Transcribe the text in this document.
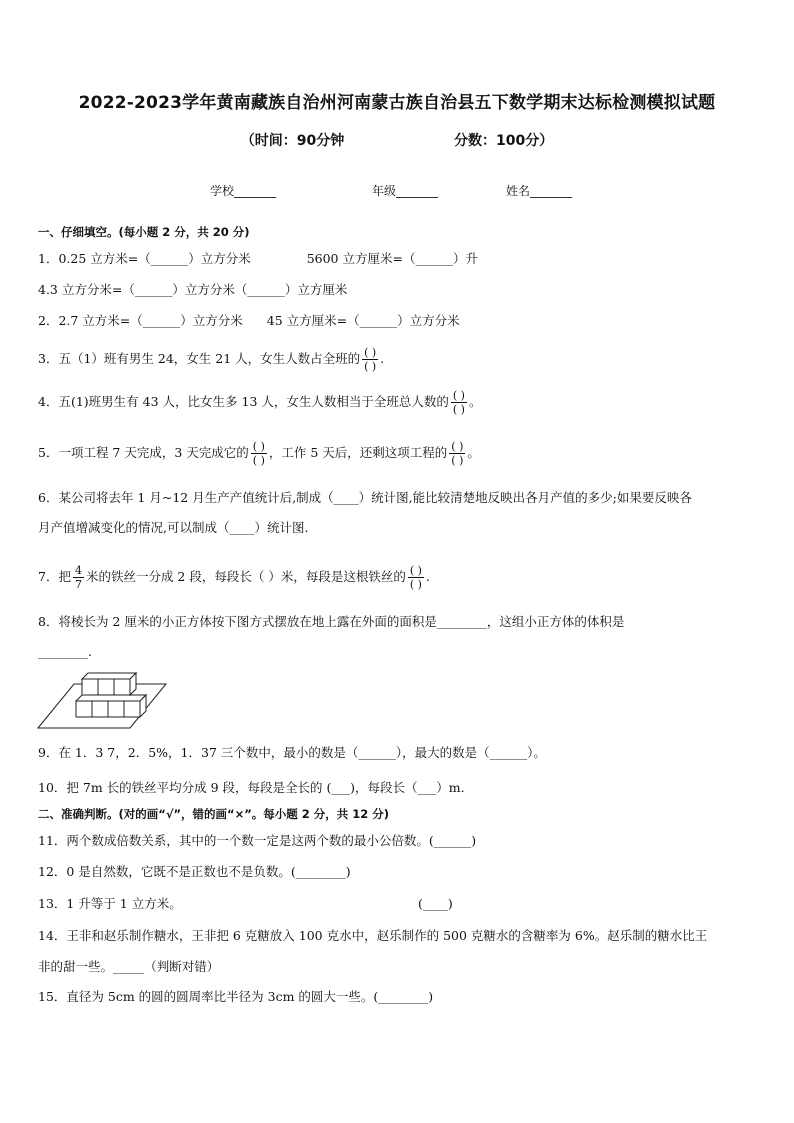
2022-2023学年黄南藏族自治州河南蒙古族自治县五下数学期末达标检测模拟试题
（时间：90分钟	分数：100分）
学校_______	年级_______	姓名_______
一、仔细填空。(每小题 2 分，共 20 分)
1．0.25 立方米=（______）立方分米	5600 立方厘米=（______）升
4.3 立方分米=（______）立方分米（______）立方厘米
2．2.7 立方米=（______）立方分米 45 立方厘米=（______）立方分米
3．五（1）班有男生 24，女生 21 人，女生人数占全班的 $\frac{( )}{( )}$ .
4．五(1)班男生有 43 人，比女生多 13 人，女生人数相当于全班总人数的 $\frac{( )}{( )}$ 。
5．一项工程 7 天完成，3 天完成它的 $\frac{( )}{( )}$ ，工作 5 天后，还剩这项工程的 $\frac{( )}{( )}$ 。
6．某公司将去年 1 月~12 月生产产值统计后,制成（____）统计图,能比较清楚地反映出各月产值的多少;如果要反映各
月产值增减变化的情况,可以制成（____）统计图.
7．把 $\frac{4}{7}$ 米的铁丝一分成 2 段，每段长（ ）米，每段是这根铁丝的 $\frac{( )}{( )}$ .
8．将棱长为 2 厘米的小正方体按下图方式摆放在地上露在外面的面积是________，这组小正方体的体积是
________.
9．在 1．3 7̄，2．5%，1．37 三个数中，最小的数是（______），最大的数是（______）。
10．把 7m 长的铁丝平均分成 9 段，每段是全长的 (___)，每段长（___）m．
二、准确判断。(对的画“√”，错的画“×”。每小题 2 分，共 12 分)
11．两个数成倍数关系，其中的一个数一定是这两个数的最小公倍数。(______)
12．0 是自然数，它既不是正数也不是负数。(________)
13．1 升等于 1 立方米。	(____)
14．王非和赵乐制作糖水，王非把 6 克糖放入 100 克水中，赵乐制作的 500 克糖水的含糖率为 6%。赵乐制的糖水比王
非的甜一些。_____（判断对错）
15．直径为 5cm 的圆的圆周率比半径为 3cm 的圆大一些。(________)
